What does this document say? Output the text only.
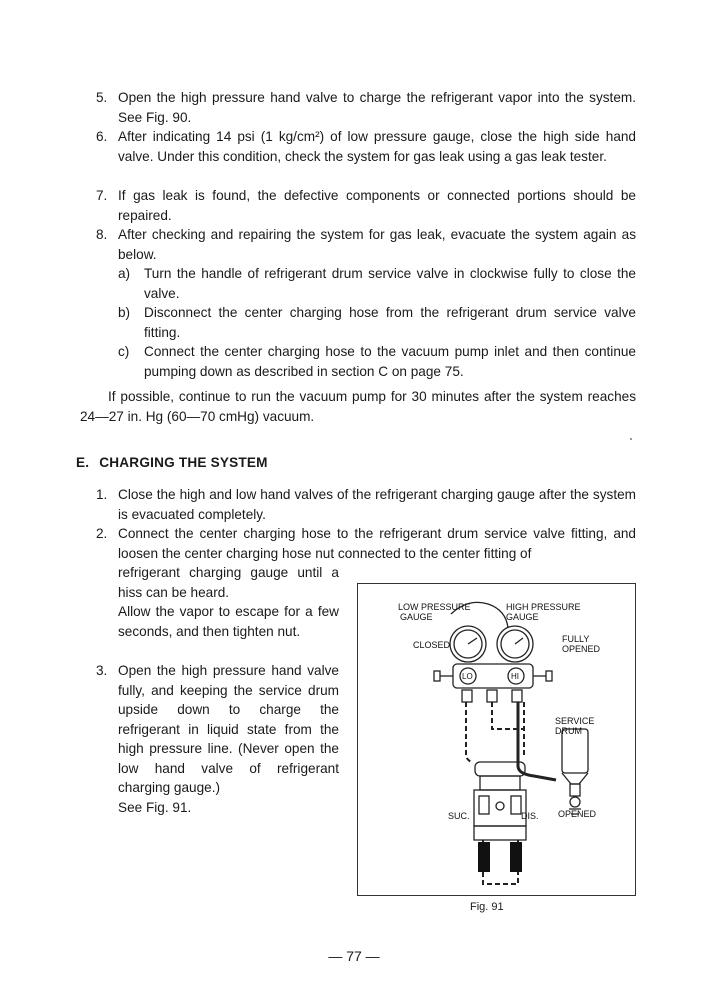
5. Open the high pressure hand valve to charge the refrigerant vapor into the system. See Fig. 90.
6. After indicating 14 psi (1 kg/cm²) of low pressure gauge, close the high side hand valve. Under this condition, check the system for gas leak using a gas leak tester.
7. If gas leak is found, the defective components or connected portions should be repaired.
8. After checking and repairing the system for gas leak, evacuate the system again as below.
a)	Turn the handle of refrigerant drum service valve in clockwise fully to close the valve.
b)	Disconnect the center charging hose from the refrigerant drum service valve fitting.
c)	Connect the center charging hose to the vacuum pump inlet and then continue pumping down as described in section C on page 75.
If possible, continue to run the vacuum pump for 30 minutes after the system reaches 24—27 in. Hg (60—70 cmHg) vacuum.
E. CHARGING THE SYSTEM
1. Close the high and low hand valves of the refrigerant charging gauge after the system is evacuated completely.
2. Connect the center charging hose to the refrigerant drum service valve fitting, and loosen the center charging hose nut connected to the center fitting of
refrigerant charging gauge until a hiss can be heard.
Allow the vapor to escape for a few seconds, and then tighten nut.
3. Open the high pressure hand valve fully, and keeping the service drum upside down to charge the refrigerant in liquid state from the high pressure line. (Never open the low hand valve of refrigerant charging gauge.)
See Fig. 91.
LOW PRESSURE
GAUGE
HIGH PRESSURE
GAUGE
CLOSED
FULLY
OPENED
LO	HI
SERVICE
DRUM
SUC.	DIS. OPENED
Fig. 91
— 77 —
